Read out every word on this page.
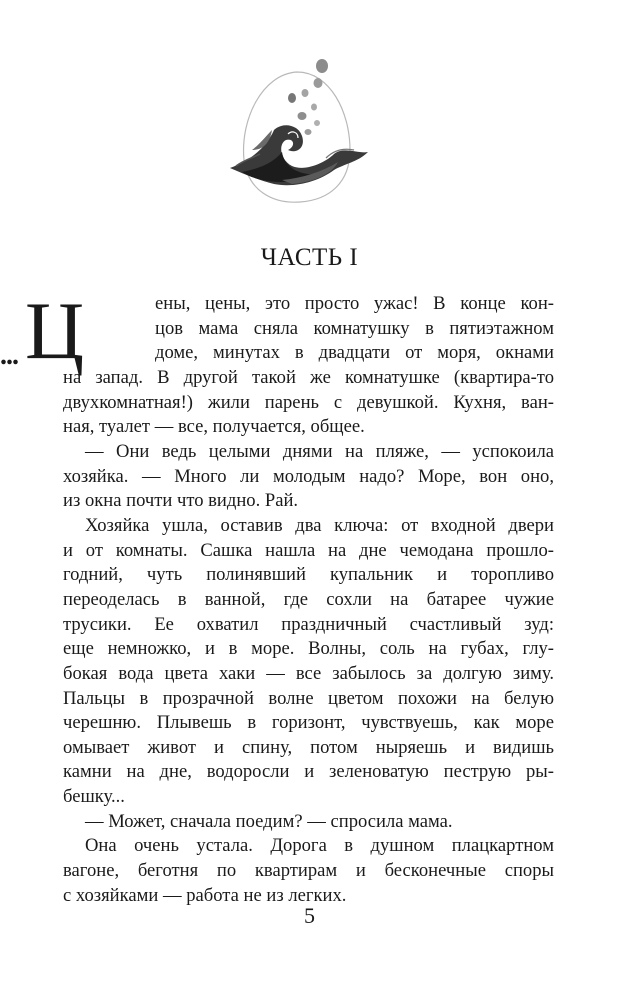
ЧАСТЬ I
... Ц	ены, цены, это просто ужас! В конце кон-
цов мама сняла комнатушку в пятиэтажном
доме, минутах в двадцати от моря, окнами
на запад. В другой такой же комнатушке (квартира-то
двухкомнатная!) жили парень с девушкой. Кухня, ван-
ная, туалет — все, получается, общее.
— Они ведь целыми днями на пляже, — успокоила
хозяйка. — Много ли молодым надо? Море, вон оно,
из окна почти что видно. Рай.
Хозяйка ушла, оставив два ключа: от входной двери
и от комнаты. Сашка нашла на дне чемодана прошло-
годний, чуть полинявший купальник и торопливо
переоделась в ванной, где сохли на батарее чужие
трусики. Ее охватил праздничный счастливый зуд:
еще немножко, и в море. Волны, соль на губах, глу-
бокая вода цвета хаки — все забылось за долгую зиму.
Пальцы в прозрачной волне цветом похожи на белую
черешню. Плывешь в горизонт, чувствуешь, как море
омывает живот и спину, потом ныряешь и видишь
камни на дне, водоросли и зеленоватую пеструю ры-
бешку...
— Может, сначала поедим? — спросила мама.
Она очень устала. Дорога в душном плацкартном
вагоне, беготня по квартирам и бесконечные споры
с хозяйками — работа не из легких.
5
